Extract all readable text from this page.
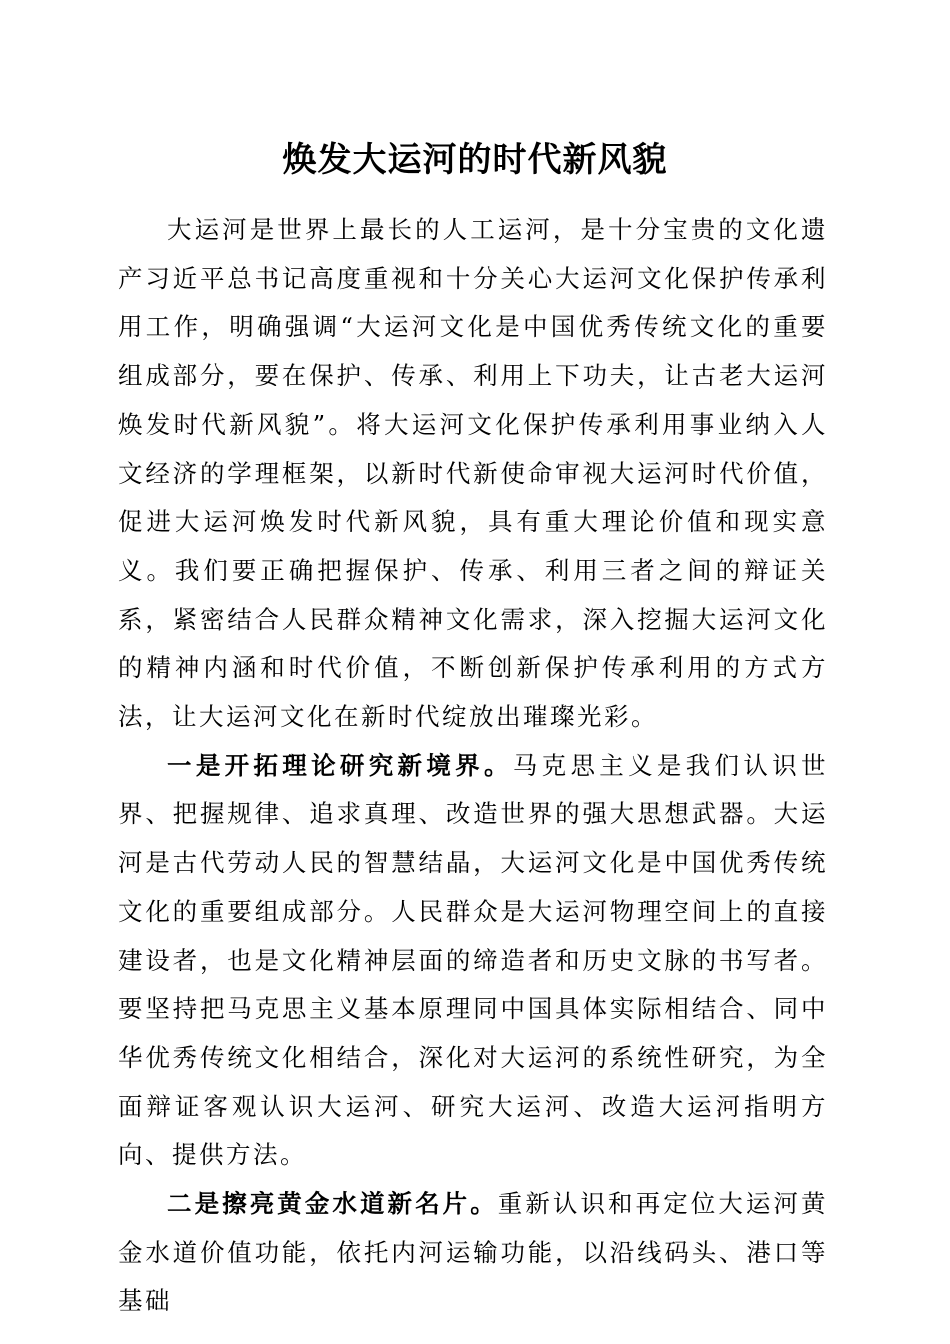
焕发大运河的时代新风貌

大运河是世界上最长的人工运河，是十分宝贵的文化遗产习近平总书记高度重视和十分关心大运河文化保护传承利用工作，明确强调“大运河文化是中国优秀传统文化的重要组成部分，要在保护、传承、利用上下功夫，让古老大运河焕发时代新风貌”。将大运河文化保护传承利用事业纳入人文经济的学理框架，以新时代新使命审视大运河时代价值，促进大运河焕发时代新风貌，具有重大理论价值和现实意义。我们要正确把握保护、传承、利用三者之间的辩证关系，紧密结合人民群众精神文化需求，深入挖掘大运河文化的精神内涵和时代价值，不断创新保护传承利用的方式方法，让大运河文化在新时代绽放出璀璨光彩。

一是开拓理论研究新境界。马克思主义是我们认识世界、把握规律、追求真理、改造世界的强大思想武器。大运河是古代劳动人民的智慧结晶，大运河文化是中国优秀传统文化的重要组成部分。人民群众是大运河物理空间上的直接建设者，也是文化精神层面的缔造者和历史文脉的书写者。要坚持把马克思主义基本原理同中国具体实际相结合、同中华优秀传统文化相结合，深化对大运河的系统性研究，为全面辩证客观认识大运河、研究大运河、改造大运河指明方向、提供方法。

二是擦亮黄金水道新名片。重新认识和再定位大运河黄金水道价值功能，依托内河运输功能，以沿线码头、港口等基础
